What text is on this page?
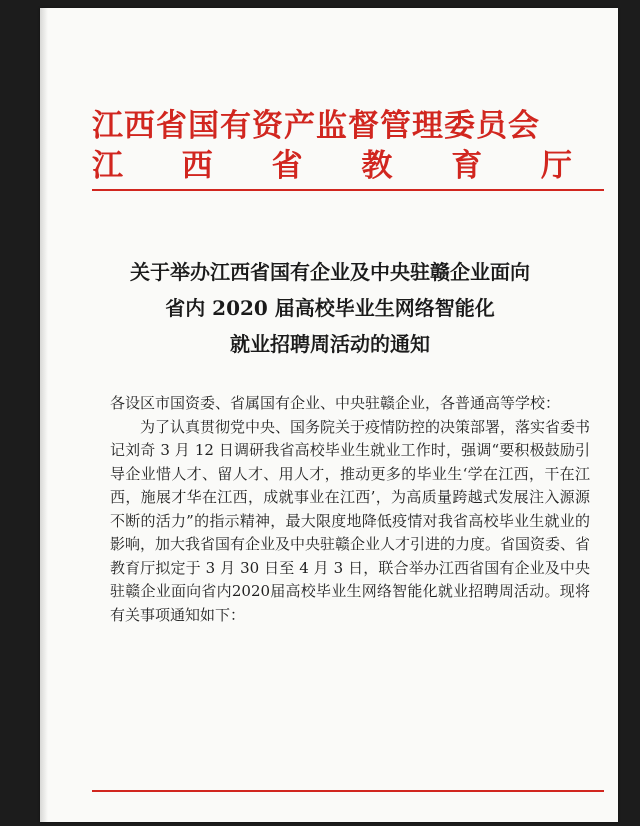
江西省国有资产监督管理委员会
江西省教育厅
关于举办江西省国有企业及中央驻赣企业面向
省内 2020 届高校毕业生网络智能化
就业招聘周活动的通知

各设区市国资委、省属国有企业、中央驻赣企业，各普通高等学校：

为了认真贯彻党中央、国务院关于疫情防控的决策部署，落实省委书记刘奇 3 月 12 日调研我省高校毕业生就业工作时，强调“要积极鼓励引导企业惜人才、留人才、用人才，推动更多的毕业生‘学在江西，干在江西，施展才华在江西，成就事业在江西’，为高质量跨越式发展注入源源不断的活力”的指示精神，最大限度地降低疫情对我省高校毕业生就业的影响，加大我省国有企业及中央驻赣企业人才引进的力度。省国资委、省教育厅拟定于 3 月 30 日至 4 月 3 日，联合举办江西省国有企业及中央驻赣企业面向省内2020届高校毕业生网络智能化就业招聘周活动。现将有关事项通知如下：
